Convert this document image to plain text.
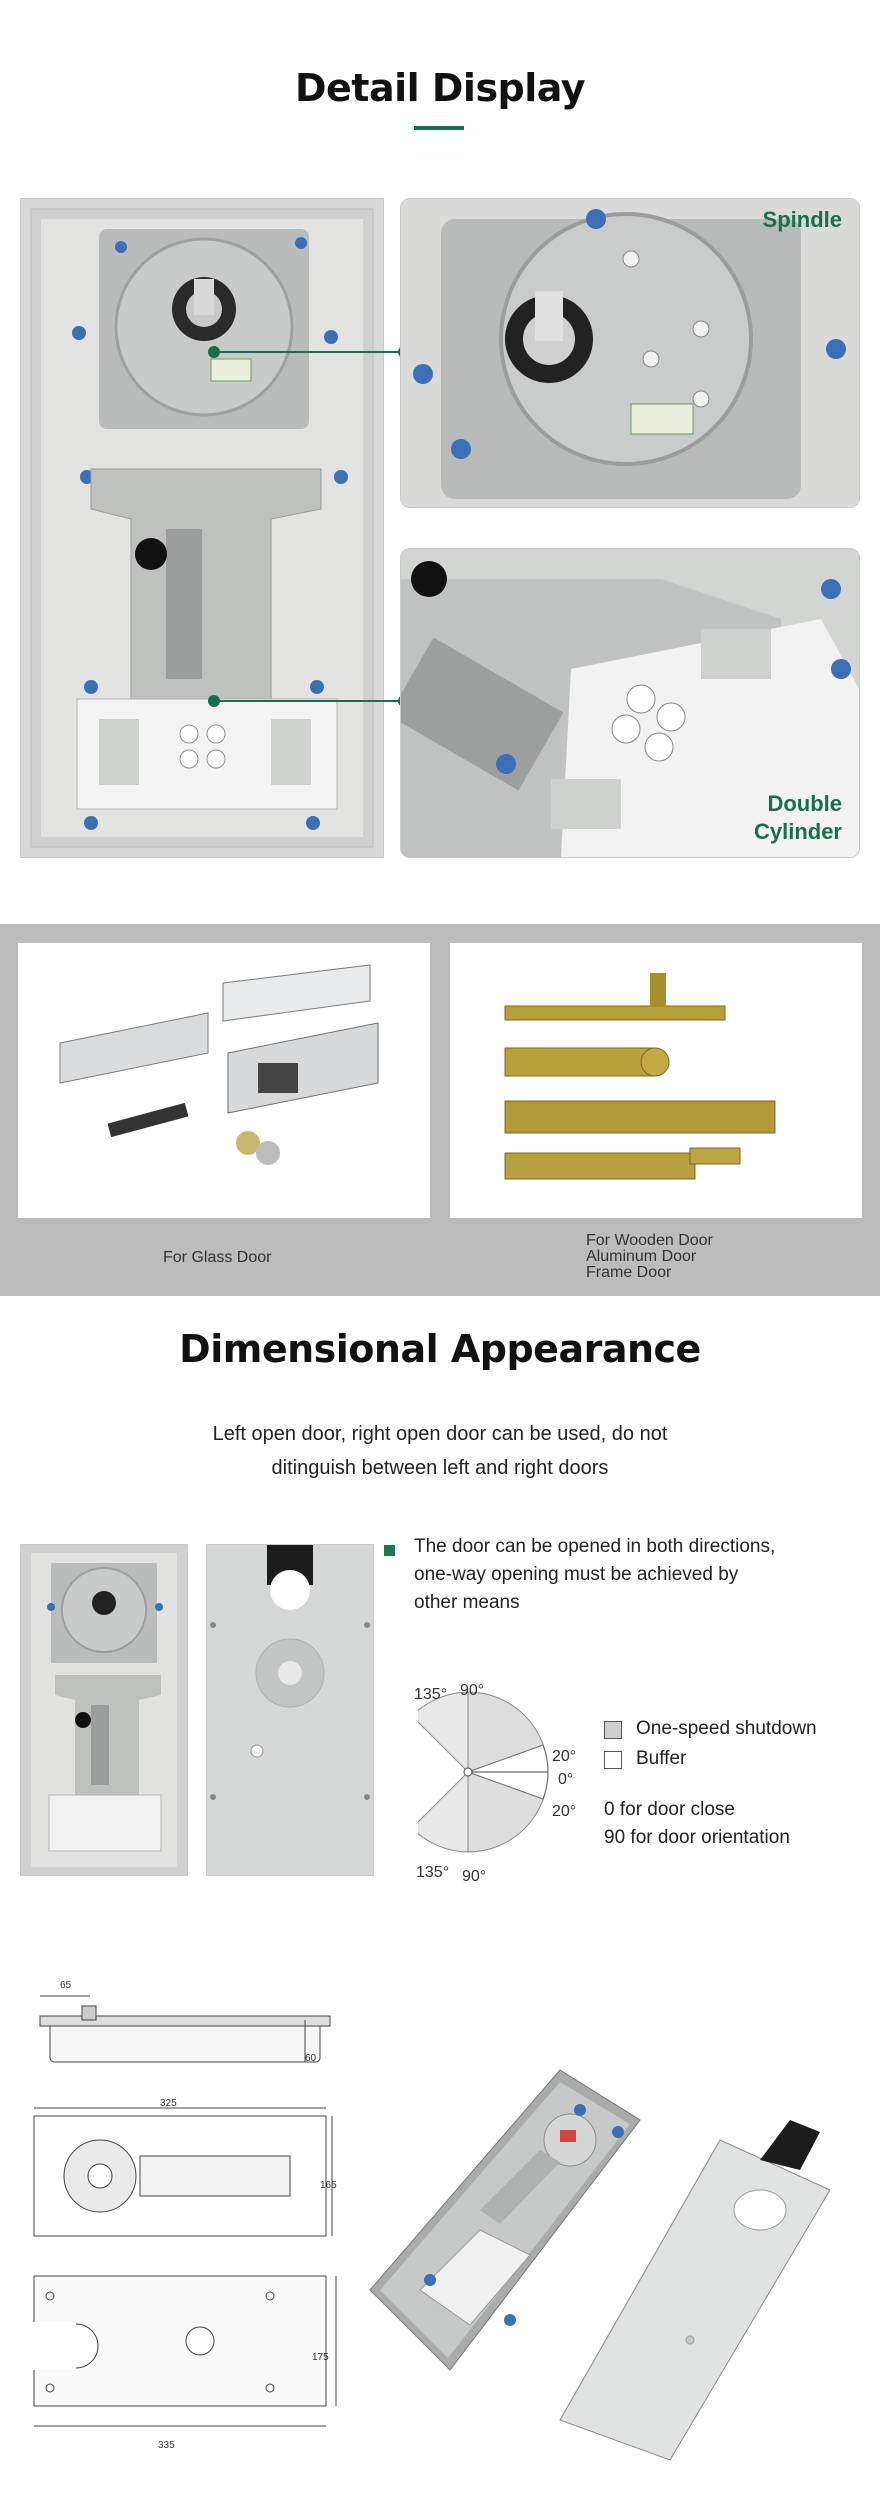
Detail Display
Spindle
Double
Cylinder
For Glass Door
For Wooden Door
Aluminum Door
Frame Door
Dimensional Appearance
Left open door, right open door can be used, do not
ditinguish between left and right doors
The door can be opened in both directions,
one-way opening must be achieved by
other means
135° 90°
20°
0°
20°
135° 90°
One-speed shutdown
Buffer
0 for door close
90 for door orientation
65
60
325
165
175
335
